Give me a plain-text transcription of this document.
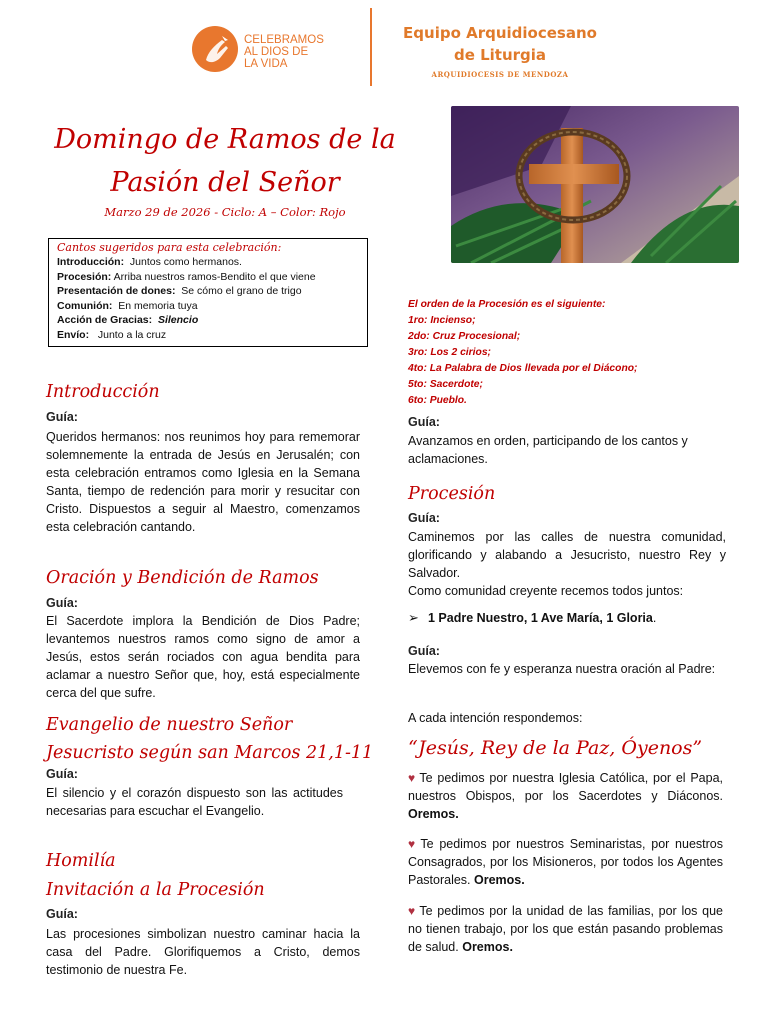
CELEBRAMOS
AL DIOS DE
LA VIDA
Equipo Arquidiocesano
de Liturgia
ARQUIDIOCESIS DE MENDOZA
Domingo de Ramos de la
Pasión del Señor
Marzo 29 de 2026 - Ciclo: A – Color: Rojo
Cantos sugeridos para esta celebración:
Introducción: Juntos como hermanos.
Procesión: Arriba nuestros ramos-Bendito el que viene
Presentación de dones: Se cómo el grano de trigo
Comunión: En memoria tuya
Acción de Gracias: Silencio
Envío: Junto a la cruz
Introducción
Guía:
Queridos hermanos: nos reunimos hoy para rememorar solemnemente la entrada de Jesús en Jerusalén; con esta celebración entramos como Iglesia en la Semana Santa, tiempo de redención para morir y resucitar con Cristo. Dispuestos a seguir al Maestro, comenzamos esta celebración cantando.
Oración y Bendición de Ramos
Guía:
El Sacerdote implora la Bendición de Dios Padre; levantemos nuestros ramos como signo de amor a Jesús, estos serán rociados con agua bendita para aclamar a nuestro Señor que, hoy, está especialmente cerca del que sufre.
Evangelio de nuestro Señor
Jesucristo según san Marcos 21,1-11
Guía:
El silencio y el corazón dispuesto son las actitudes necesarias para escuchar el Evangelio.
Homilía
Invitación a la Procesión
Guía:
Las procesiones simbolizan nuestro caminar hacia la casa del Padre. Glorifiquemos a Cristo, demos testimonio de nuestra Fe.
El orden de la Procesión es el siguiente:
1ro: Incienso;
2do: Cruz Procesional;
3ro: Los 2 cirios;
4to: La Palabra de Dios llevada por el Diácono;
5to: Sacerdote;
6to: Pueblo.
Guía:
Avanzamos en orden, participando de los cantos y aclamaciones.
Procesión
Guía:
Caminemos por las calles de nuestra comunidad, glorificando y alabando a Jesucristo, nuestro Rey y Salvador.
Como comunidad creyente recemos todos juntos:
➢ 1 Padre Nuestro, 1 Ave María, 1 Gloria.
Guía:
Elevemos con fe y esperanza nuestra oración al Padre:
A cada intención respondemos:
“Jesús, Rey de la Paz, Óyenos”
♥ Te pedimos por nuestra Iglesia Católica, por el Papa, nuestros Obispos, por los Sacerdotes y Diáconos. Oremos.
♥ Te pedimos por nuestros Seminaristas, por nuestros Consagrados, por los Misioneros, por todos los Agentes Pastorales. Oremos.
♥ Te pedimos por la unidad de las familias, por los que no tienen trabajo, por los que están pasando problemas de salud. Oremos.
